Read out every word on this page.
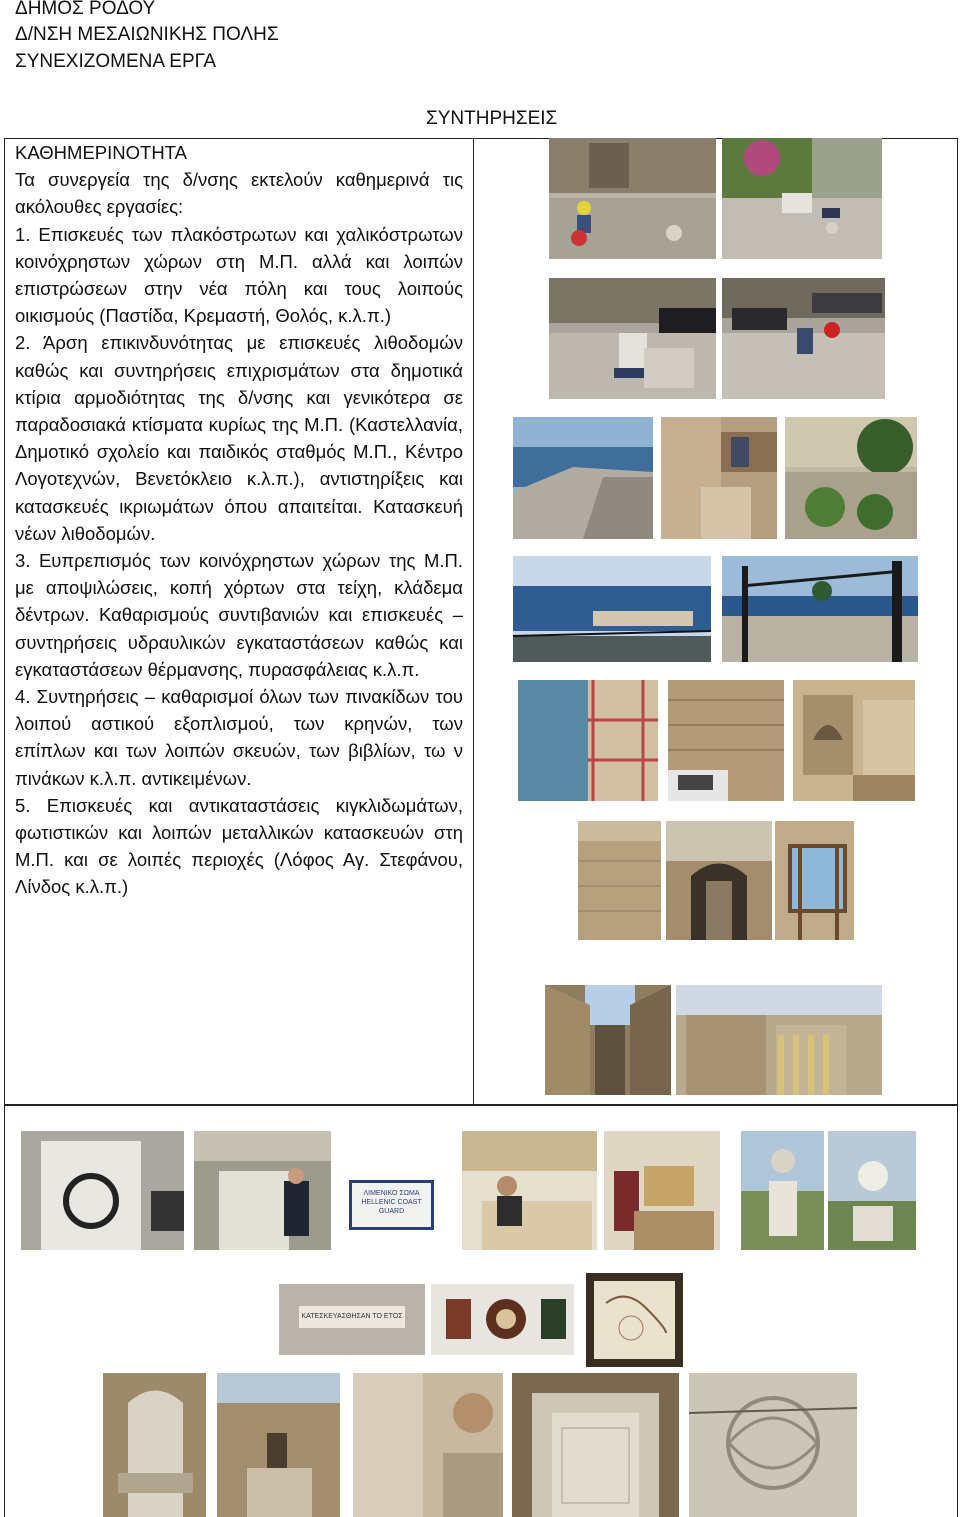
ΔΗΜΟΣ ΡΟΔΟΥ
Δ/ΝΣΗ ΜΕΣΑΙΩΝΙΚΗΣ ΠΟΛΗΣ
ΣΥΝΕΧΙΖΟΜΕΝΑ ΕΡΓΑ
ΣΥΝΤΗΡΗΣΕΙΣ

ΚΑΘΗΜΕΡΙΝΟΤΗΤΑ

Τα συνεργεία της δ/νσης εκτελούν καθημερινά τις ακόλουθες εργασίες:

1. Επισκευές των πλακόστρωτων και χαλικόστρωτων κοινόχρηστων χώρων στη Μ.Π. αλλά και λοιπών επιστρώσεων στην νέα πόλη και τους λοιπούς οικισμούς (Παστίδα, Κρεμαστή, Θολός, κ.λ.π.)

2. Άρση επικινδυνότητας με επισκευές λιθοδομών καθώς και συντηρήσεις επιχρισμάτων στα δημοτικά κτίρια αρμοδιότητας της δ/νσης και γενικότερα σε παραδοσιακά κτίσματα κυρίως της Μ.Π. (Καστελλανία, Δημοτικό σχολείο και παιδικός σταθμός Μ.Π., Κέντρο Λογοτεχνών, Βενετόκλειο κ.λ.π.), αντιστηρίξεις και κατασκευές ικριωμάτων όπου απαιτείται. Κατασκευή νέων λιθοδομών.

3. Ευπρεπισμός των κοινόχρηστων χώρων της Μ.Π. με αποψιλώσεις, κοπή χόρτων στα τείχη, κλάδεμα δέντρων. Καθαρισμούς συντιβανιών και επισκευές – συντηρήσεις υδραυλικών εγκαταστάσεων καθώς και εγκαταστάσεων θέρμανσης, πυρασφάλειας κ.λ.π.

4. Συντηρήσεις – καθαρισμοί όλων των πινακίδων του λοιπού αστικού εξοπλισμού, των κρηνών, των επίπλων και των λοιπών σκευών, των βιβλίων, τω ν πινάκων κ.λ.π. αντικειμένων.

5. Επισκευές και αντικαταστάσεις κιγκλιδωμάτων, φωτιστικών και λοιπών μεταλλικών κατασκευών στη Μ.Π. και σε λοιπές περιοχές (Λόφος Αγ. Στεφάνου, Λίνδος κ.λ.π.)

ΛΙΜΕΝΙΚΟ ΣΩΜΑ
HELLENIC COAST GUARD
ΚΑΤΕΣΚΕΥΑΣΘΗΣΑΝ ΤΟ ΕΤΟΣ
